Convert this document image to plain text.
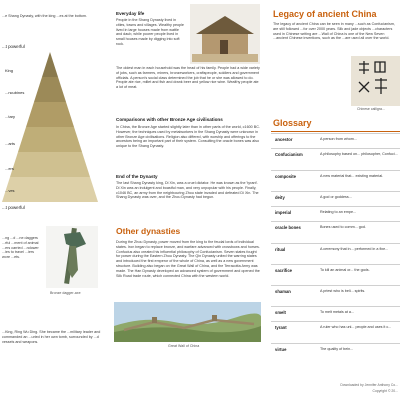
...e Shang Dynasty, with the king ...es at the bottom.

...t powerful
King
...ncubines
...tary
...arts
...ers
...ves
...t powerful

...ng ...d ...ne daggers ...rful ...ment of animal ...ers carried ...ndower ...ies to travel ...iers wore ...ets.

Bronze dagger-axe

...King, Ring Wu Ding. She became the ...military leader and commanded an ...uried in her own tomb, surrounded by ...d vessels and weapons.

Everyday life

People in the Shang Dynasty lived in cities, towns and villages. Wealthy people lived in large houses made from wattle and daub, while poorer people lived in small houses made by digging into soft rock.

The oldest man in each household was the head of his family. People had a wide variety of jobs, such as farmers, miners, bronzeworkers, craftspeople, soldiers and government officials. A person's social class determined the job that he or she was allowed to do. People ate rice, millet and fish and drank beer and yellow rice wine. Wealthy people ate a lot of meat.

Comparisons with other Bronze Age civilisations

In China, the Bronze Age started slightly later than in other parts of the world, c1600 BC. However, the techniques used by metalworkers in the Shang Dynasty were unknown in other Bronze Age civilisations. Religion also differed, with worship and offerings to the ancestors being an important part of their system. Consulting the oracle bones was also unique to the Shang Dynasty.

End of the Dynasty

The last Shang Dynasty king, Di Xin, was a cruel dictator. He was known as the 'tyrant'. Di Xin was an indulgent and boastful man, and very unpopular with his people. Finally, c1046 BC, an army from the neighbouring Zhou state invaded and defeated Di Xin. The Shang Dynasty was over, and the Zhou Dynasty had begun.

Other dynasties

During the Zhou Dynasty, power moved from the king to the feudal lords of individual states. Iron began to replace bronze, and warfare advanced with crossbows and horses. Confucius also created his influential philosophy of Confucianism. Seven states fought for power during the Eastern Zhou Dynasty. The Qin Dynasty united the warring states and introduced the first emperor of the whole of China, as well as a new government structure. Building also began on the Great Wall of China, and the Terracotta Army was made. The Han Dynasty developed an advanced system of government and opened the Silk Road trade route, which connected China with the western world.

Great Wall of China
Legacy of ancient China

The legacy of ancient China can be seen in many ...such as Confucianism, are still followed ...for over 2000 years. Silk and jade objects ...characters used in Chinese writing are ...Wall of China is one of the New Seven ...ancient Chinese inventions, such as the ...are used all over the world.

Chinese calligra...
Glossary
ancestor	A person from whom...
Confucianism	A philosophy based on... philosopher, Confuci...
composite	A new material that... existing material.
deity	A god or goddess...
imperial	Relating to an empe...
oracle bones	Bones used to comm... god.
ritual	A ceremony that in... performed in a fixe...
sacrifice	To kill an animal or... the gods.
shaman	A priest who is beli... spirits.
smelt	To melt metals at a...
tyrant	A ruler who has unl... people and uses it c...
virtue	The quality of bein...
Downloaded by Jennifer Anthony Co...
Copyright © 20...
